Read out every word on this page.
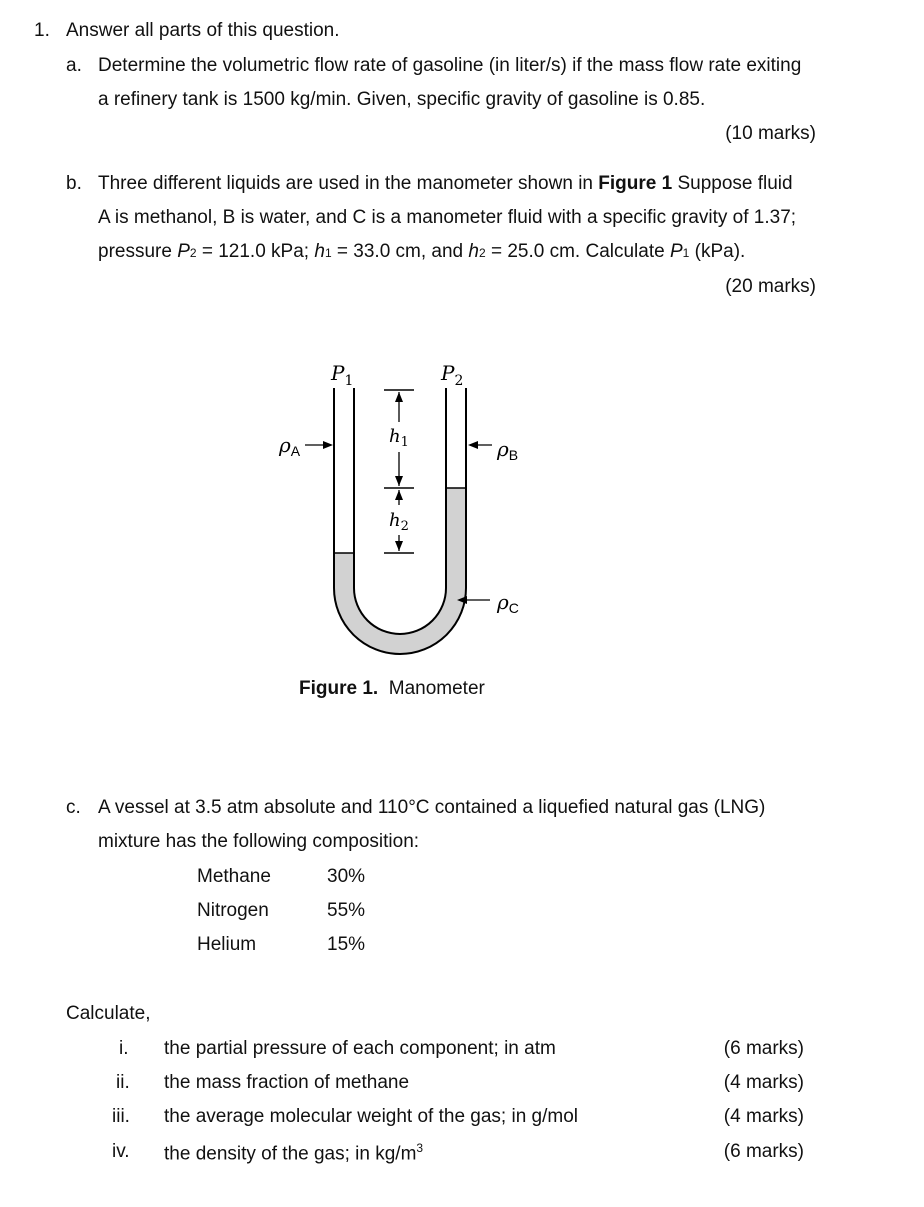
1. Answer all parts of this question.
a. Determine the volumetric flow rate of gasoline (in liter/s) if the mass flow rate exiting
a refinery tank is 1500 kg/min. Given, specific gravity of gasoline is 0.85.
(10 marks)
b. Three different liquids are used in the manometer shown in Figure 1 Suppose fluid
A is methanol, B is water, and C is a manometer fluid with a specific gravity of 1.37;
pressure P2 = 121.0 kPa; h1 = 33.0 cm, and h2 = 25.0 cm. Calculate P1 (kPa).
(20 marks)
$P_1$	$P_2$
$h_1$
$h_2$
$\rho_A$	$\rho_B$
$\rho_C$
Figure 1. Manometer
c. A vessel at 3.5 atm absolute and 110°C contained a liquefied natural gas (LNG)
mixture has the following composition:
Methane	30%
Nitrogen	55%
Helium	15%
Calculate,
i. the partial pressure of each component; in atm	(6 marks)
ii. the mass fraction of methane	(4 marks)
iii. the average molecular weight of the gas; in g/mol	(4 marks)
iv. the density of the gas; in $kg/m^3$	(6 marks)
